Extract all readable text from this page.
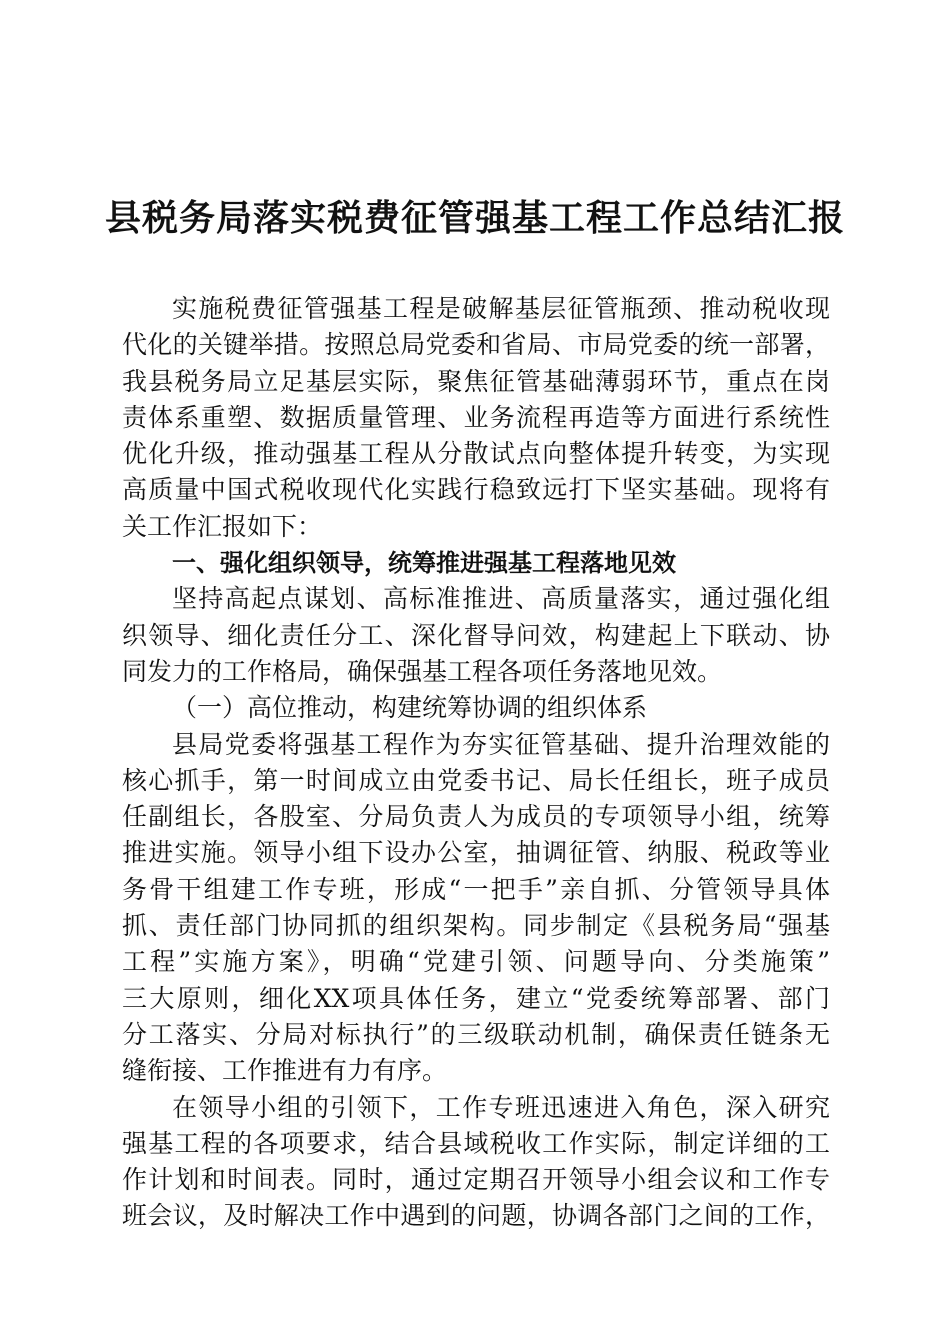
县税务局落实税费征管强基工程工作总结汇报
实施税费征管强基工程是破解基层征管瓶颈、推动税收现
代化的关键举措。按照总局党委和省局、市局党委的统一部署，
我县税务局立足基层实际，聚焦征管基础薄弱环节，重点在岗
责体系重塑、数据质量管理、业务流程再造等方面进行系统性
优化升级，推动强基工程从分散试点向整体提升转变，为实现
高质量中国式税收现代化实践行稳致远打下坚实基础。现将有
关工作汇报如下：
一、强化组织领导，统筹推进强基工程落地见效
坚持高起点谋划、高标准推进、高质量落实，通过强化组
织领导、细化责任分工、深化督导问效，构建起上下联动、协
同发力的工作格局，确保强基工程各项任务落地见效。
（一）高位推动，构建统筹协调的组织体系
县局党委将强基工程作为夯实征管基础、提升治理效能的
核心抓手，第一时间成立由党委书记、局长任组长，班子成员
任副组长，各股室、分局负责人为成员的专项领导小组，统筹
推进实施。领导小组下设办公室，抽调征管、纳服、税政等业
务骨干组建工作专班，形成“一把手”亲自抓、分管领导具体
抓、责任部门协同抓的组织架构。同步制定《县税务局“强基
工程”实施方案》，明确“党建引领、问题导向、分类施策”
三大原则，细化XX项具体任务，建立“党委统筹部署、部门
分工落实、分局对标执行”的三级联动机制，确保责任链条无
缝衔接、工作推进有力有序。
在领导小组的引领下，工作专班迅速进入角色，深入研究
强基工程的各项要求，结合县域税收工作实际，制定详细的工
作计划和时间表。同时，通过定期召开领导小组会议和工作专
班会议，及时解决工作中遇到的问题，协调各部门之间的工作，
